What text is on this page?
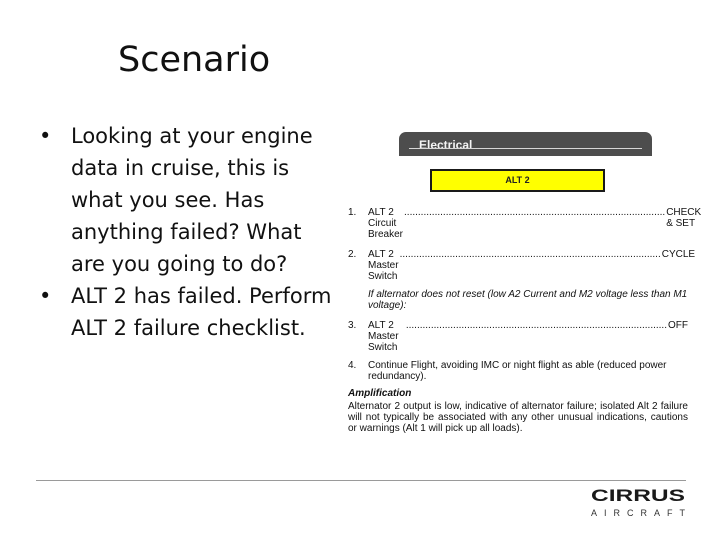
Scenario
• Looking at your engine data in cruise, this is what you see. Has anything failed? What are you going to do?
• ALT 2 has failed. Perform ALT 2 failure checklist.
Electrical
ALT 2
1. ALT 2 Circuit Breaker
.............................................................................................. CHECK & SET
2. ALT 2 Master Switch
.............................................................................................. CYCLE
If alternator does not reset (low A2 Current and M2 voltage less than M1 voltage):
3. ALT 2 Master Switch
.............................................................................................. OFF
4. Continue Flight, avoiding IMC or night flight as able (reduced power redundancy).
Amplification
Alternator 2 output is low, indicative of alternator failure; isolated Alt 2 failure will not typically be associated with any other unusual indications, cautions or warnings (Alt 1 will pick up all loads).
CIRRUS
AIRCRAFT
